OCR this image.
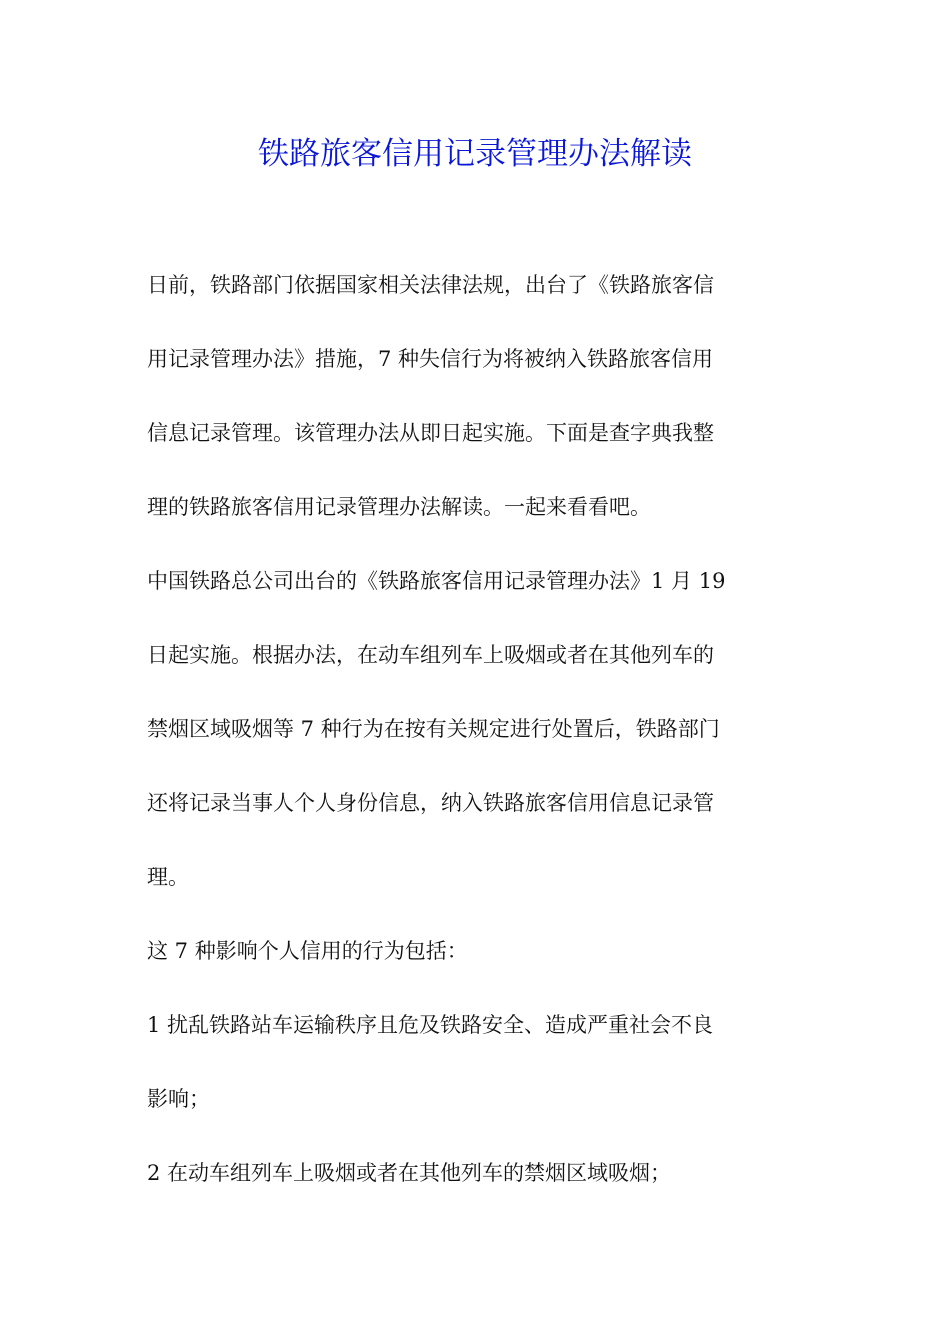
铁路旅客信用记录管理办法解读
日前，铁路部门依据国家相关法律法规，出台了《铁路旅客信
用记录管理办法》措施，7 种失信行为将被纳入铁路旅客信用
信息记录管理。该管理办法从即日起实施。下面是查字典我整
理的铁路旅客信用记录管理办法解读。一起来看看吧。
中国铁路总公司出台的《铁路旅客信用记录管理办法》1 月 19
日起实施。根据办法，在动车组列车上吸烟或者在其他列车的
禁烟区域吸烟等 7 种行为在按有关规定进行处置后，铁路部门
还将记录当事人个人身份信息，纳入铁路旅客信用信息记录管
理。
这 7 种影响个人信用的行为包括：
1 扰乱铁路站车运输秩序且危及铁路安全、造成严重社会不良
影响；
2 在动车组列车上吸烟或者在其他列车的禁烟区域吸烟；
